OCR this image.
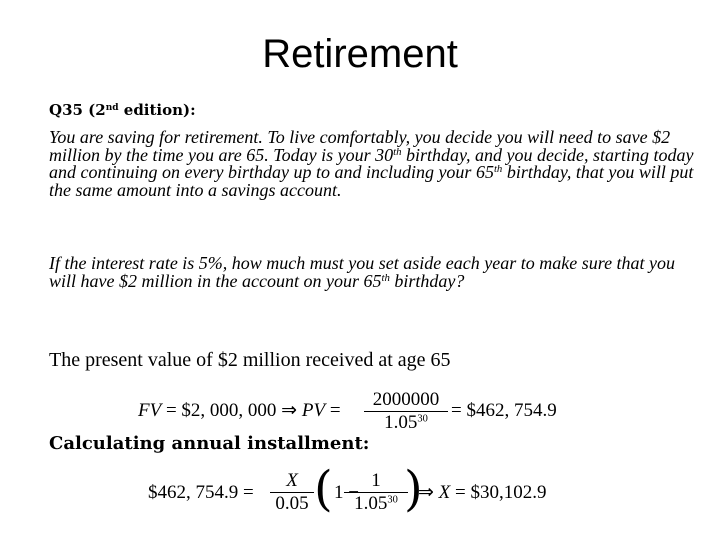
Retirement
Q35 (2nd edition):
You are saving for retirement. To live comfortably, you decide you will need to save $2 million by the time you are 65. Today is your 30th birthday, and you decide, starting today and continuing on every birthday up to and including your 65th birthday, that you will put the same amount into a savings account.
If the interest rate is 5%, how much must you set aside each year to make sure that you will have $2 million in the account on your 65th birthday?
The present value of $2 million received at age 65
FV = $2, 000, 000 ⇒ PV = $\frac{2000000}{1.05^{30}}$ = $462, 754.9
Calculating annual installment:
$462, $754.9 = \frac{X}{0.05}$ ( 1 −
$\frac{1}{1.05^{30}}$
)
⇒ X = $30,102.9
